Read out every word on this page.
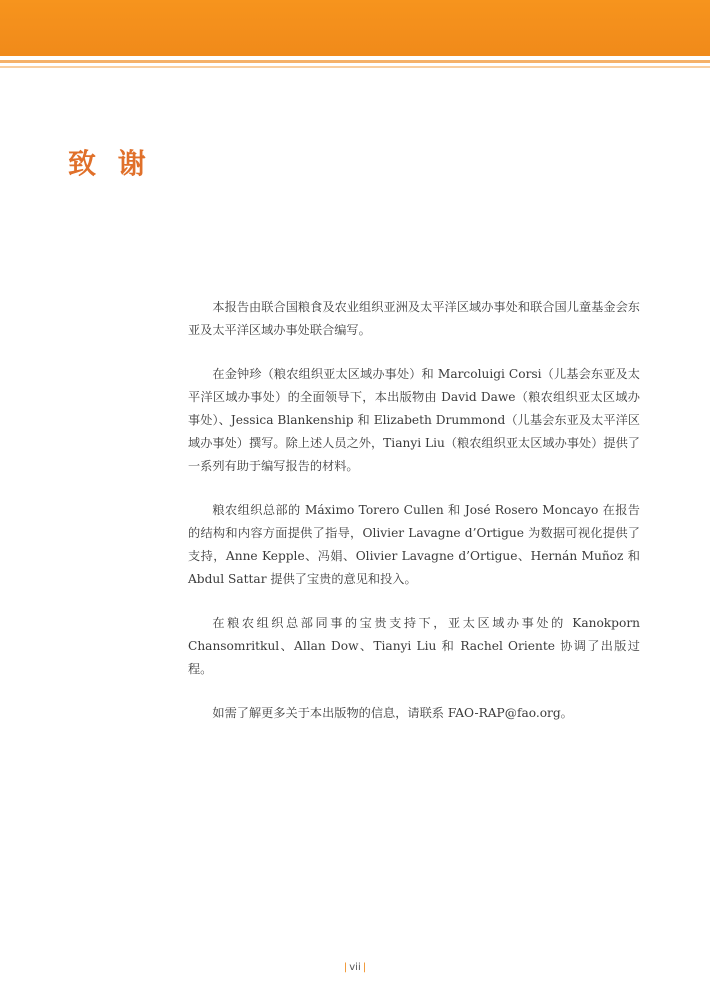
致 谢

本报告由联合国粮食及农业组织亚洲及太平洋区域办事处和联合国儿童基金会东亚及太平洋区域办事处联合编写。

在金钟珍（粮农组织亚太区域办事处）和 Marcoluigi Corsi（儿基会东亚及太平洋区域办事处）的全面领导下，本出版物由 David Dawe（粮农组织亚太区域办事处）、Jessica Blankenship 和 Elizabeth Drummond（儿基会东亚及太平洋区域办事处）撰写。除上述人员之外，Tianyi Liu（粮农组织亚太区域办事处）提供了一系列有助于编写报告的材料。

粮农组织总部的 Máximo Torero Cullen 和 José Rosero Moncayo 在报告的结构和内容方面提供了指导，Olivier Lavagne d’Ortigue 为数据可视化提供了支持，Anne Kepple、冯娟、Olivier Lavagne d’Ortigue、Hernán Muñoz 和 Abdul Sattar 提供了宝贵的意见和投入。

在粮农组织总部同事的宝贵支持下，亚太区域办事处的 Kanokporn Chansomritkul、Allan Dow、Tianyi Liu 和 Rachel Oriente 协调了出版过程。

如需了解更多关于本出版物的信息，请联系 FAO-RAP@fao.org。

| vii |
